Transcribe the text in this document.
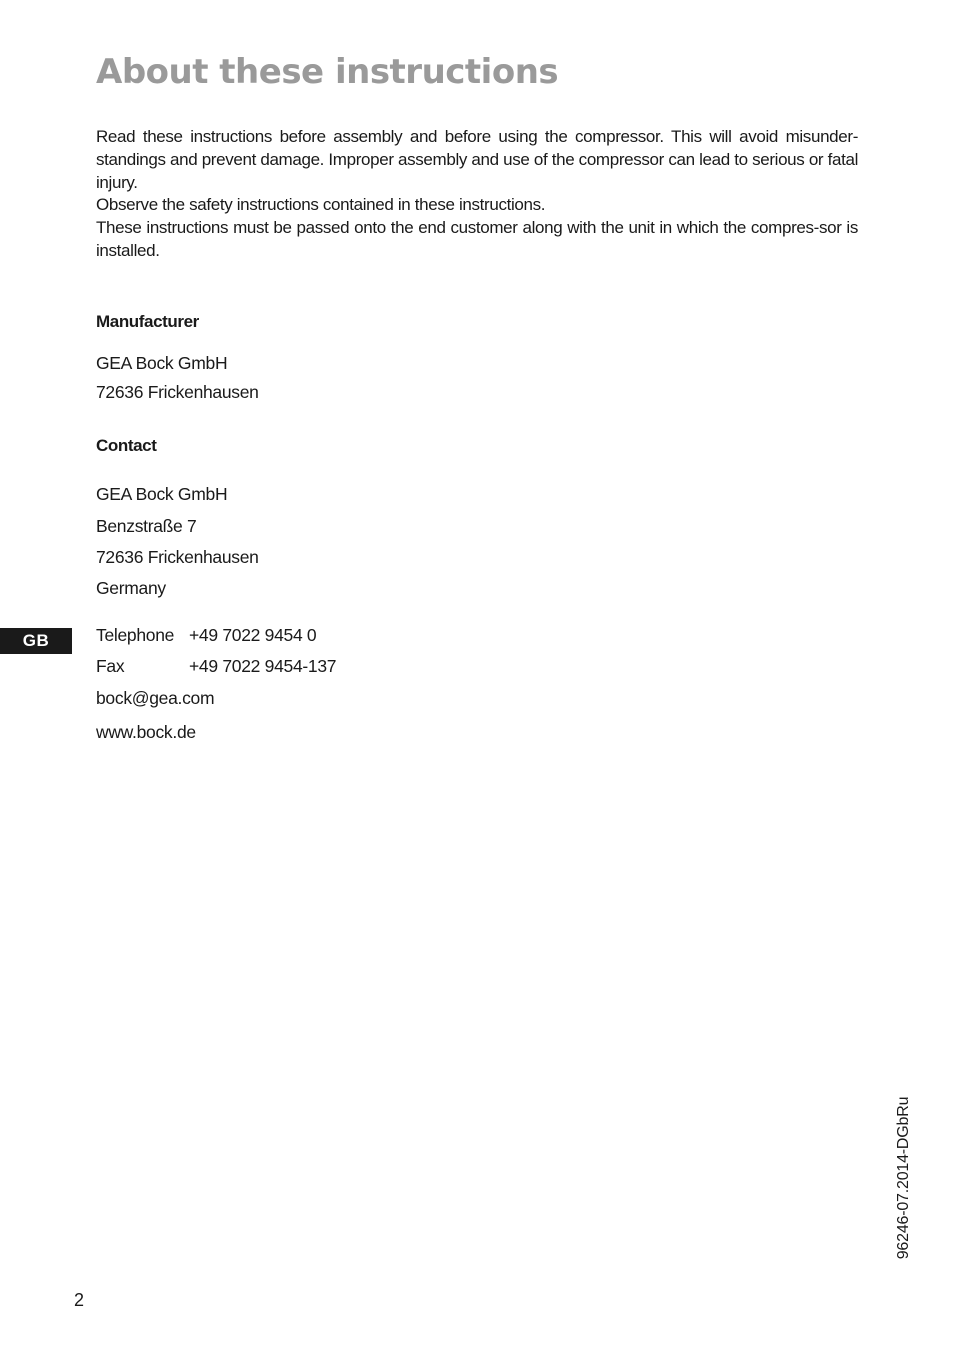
About these instructions

Read these instructions before assembly and before using the compressor. This will avoid misunder-standings and prevent damage. Improper assembly and use of the compressor can lead to serious or fatal injury.

Observe the safety instructions contained in these instructions.

These instructions must be passed onto the end customer along with the unit in which the compres-sor is installed.

Manufacturer
GEA Bock GmbH
72636 Frickenhausen
Contact
GEA Bock GmbH
Benzstraße 7
72636 Frickenhausen
Germany
Telephone +49 7022 9454 0
Fax	+49 7022 9454-137
bock@gea.com
www.bock.de
GB
96246-07.2014-DGbRu
2
